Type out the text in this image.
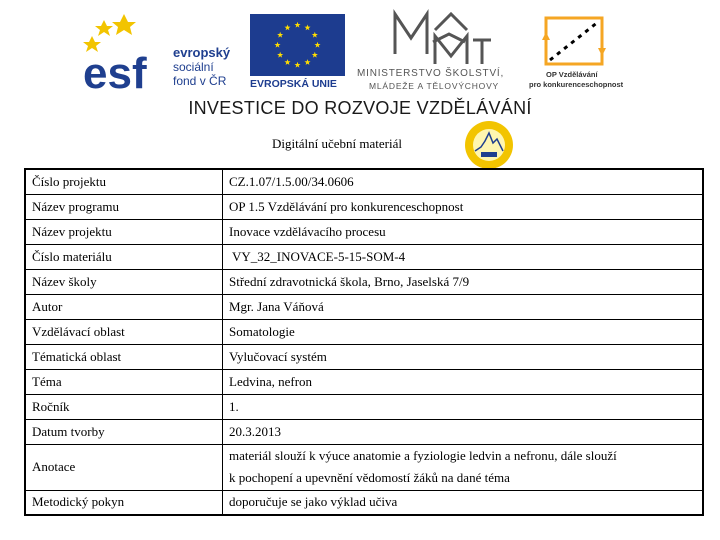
esf evropský
sociální
fond v ČR EVROPSKÁ UNIE
MINISTERSTVO ŠKOLSTVÍ,
MLÁDEŽE A TĚLOVÝCHOVY
OP Vzdělávání
pro konkurenceschopnost
INVESTICE DO ROZVOJE VZDĚLÁVÁNÍ
Digitální učební materiál
Číslo projektu	CZ.1.07/1.5.00/34.0606
Název programu	OP 1.5 Vzdělávání pro konkurenceschopnost
Název projektu	Inovace vzdělávacího procesu
Číslo materiálu	VY_32_INOVACE-5-15-SOM-4
Název školy	Střední zdravotnická škola, Brno, Jaselská 7/9
Autor	Mgr. Jana Váňová
Vzdělávací oblast	Somatologie
Tématická oblast	Vylučovací systém
Téma	Ledvina, nefron
Ročník	1.
Datum tvorby	20.3.2013
Anotace	materiál slouží k výuce anatomie a fyziologie ledvin a nefronu, dále slouží
k pochopení a upevnění vědomostí žáků na dané téma

Metodický pokyn	doporučuje se jako výklad učiva
